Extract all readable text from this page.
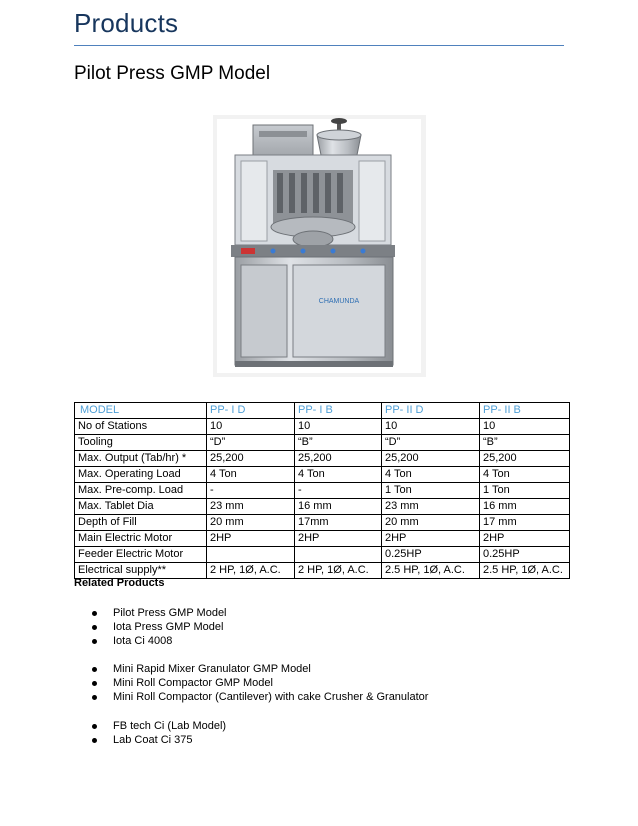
Products
Pilot Press GMP Model
CHAMUNDA
MODEL	PP- I D	PP- I B	PP- II D	PP- II B
No of Stations	10	10	10	10
Tooling	“D”	“B”	“D”	“B”
Max. Output (Tab/hr) *	25,200	25,200	25,200	25,200
Max. Operating Load	4 Ton	4 Ton	4 Ton	4 Ton
Max. Pre-comp. Load	-	-	1 Ton	1 Ton
Max. Tablet Dia	23 mm	16 mm	23 mm	16 mm
Depth of Fill	20 mm	17mm	20 mm	17 mm
Main Electric Motor	2HP	2HP	2HP	2HP
Feeder Electric Motor			0.25HP	0.25HP
Electrical supply**	2 HP, 1Ø, A.C.	2 HP, 1Ø, A.C.	2.5 HP, 1Ø, A.C.	2.5 HP, 1Ø, A.C.
Related Products
Pilot Press GMP Model
Iota Press GMP Model
Iota Ci 4008
Mini Rapid Mixer Granulator GMP Model
Mini Roll Compactor GMP Model
Mini Roll Compactor (Cantilever) with cake Crusher & Granulator
FB tech Ci (Lab Model)
Lab Coat Ci 375
